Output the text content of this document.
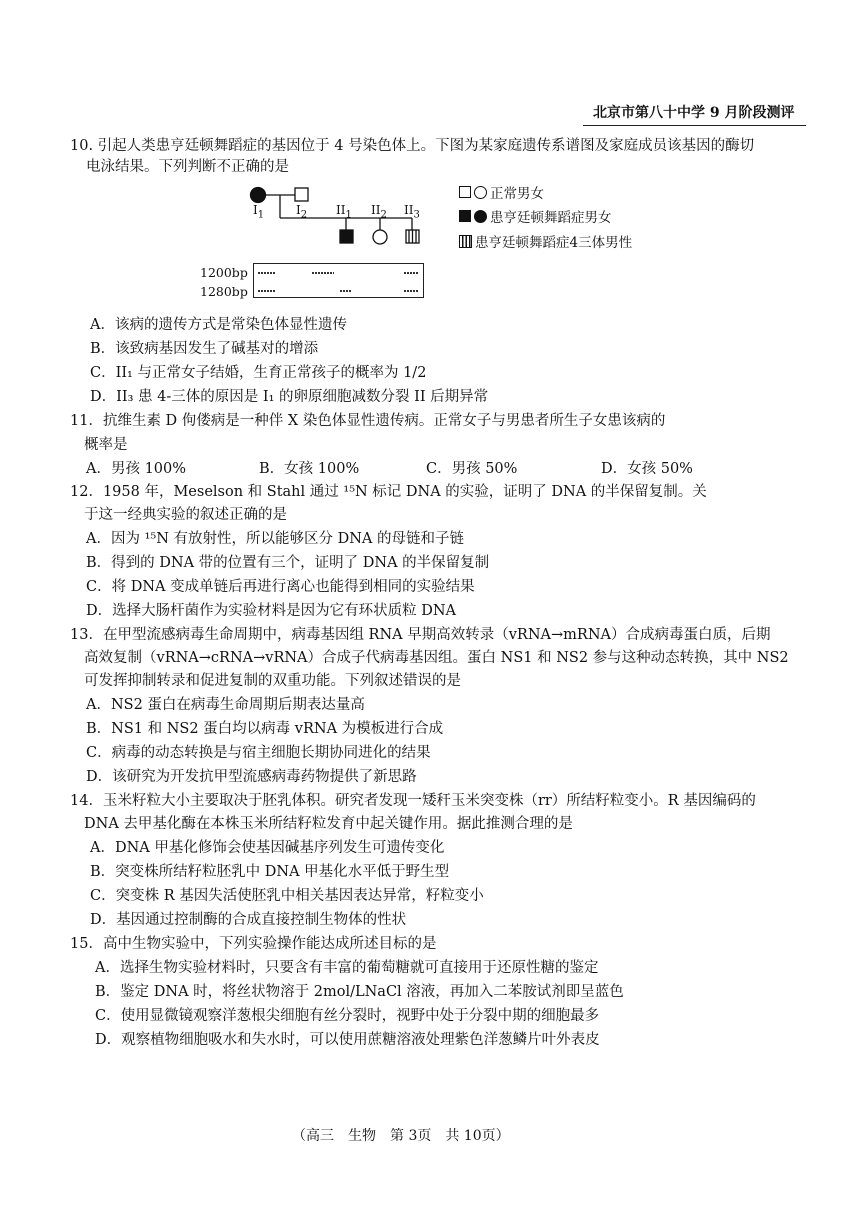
北京市第八十中学 9 月阶段测评
10. 引起人类患亨廷顿舞蹈症的基因位于 4 号染色体上。下图为某家庭遗传系谱图及家庭成员该基因的酶切
电泳结果。下列判断不正确的是
$I_1$	$I_2$ $II_1$ $II_2$ $II_3$
正常男女
患亨廷顿舞蹈症男女
患亨廷顿舞蹈症4三体男性
1200bp
1280bp
A．该病的遗传方式是常染色体显性遗传
B．该致病基因发生了碱基对的增添
C．II₁ 与正常女子结婚，生育正常孩子的概率为 1/2
D．II₃ 患 4-三体的原因是 I₁ 的卵原细胞减数分裂 II 后期异常
11．抗维生素 D 佝偻病是一种伴 X 染色体显性遗传病。正常女子与男患者所生子女患该病的
概率是
A．男孩 100%	B．女孩 100%	C．男孩 50%	D．女孩 50%
12．1958 年，Meselson 和 Stahl 通过 ¹⁵N 标记 DNA 的实验，证明了 DNA 的半保留复制。关
于这一经典实验的叙述正确的是
A．因为 ¹⁵N 有放射性，所以能够区分 DNA 的母链和子链
B．得到的 DNA 带的位置有三个，证明了 DNA 的半保留复制
C．将 DNA 变成单链后再进行离心也能得到相同的实验结果
D．选择大肠杆菌作为实验材料是因为它有环状质粒 DNA
13．在甲型流感病毒生命周期中，病毒基因组 RNA 早期高效转录（vRNA→mRNA）合成病毒蛋白质，后期
高效复制（vRNA→cRNA→vRNA）合成子代病毒基因组。蛋白 NS1 和 NS2 参与这种动态转换，其中 NS2
可发挥抑制转录和促进复制的双重功能。下列叙述错误的是
A．NS2 蛋白在病毒生命周期后期表达量高
B．NS1 和 NS2 蛋白均以病毒 vRNA 为模板进行合成
C．病毒的动态转换是与宿主细胞长期协同进化的结果
D．该研究为开发抗甲型流感病毒药物提供了新思路
14．玉米籽粒大小主要取决于胚乳体积。研究者发现一矮秆玉米突变株（rr）所结籽粒变小。R 基因编码的
DNA 去甲基化酶在本株玉米所结籽粒发育中起关键作用。据此推测合理的是
A．DNA 甲基化修饰会使基因碱基序列发生可遗传变化
B．突变株所结籽粒胚乳中 DNA 甲基化水平低于野生型
C．突变株 R 基因失活使胚乳中相关基因表达异常，籽粒变小
D．基因通过控制酶的合成直接控制生物体的性状
15．高中生物实验中，下列实验操作能达成所述目标的是
A．选择生物实验材料时，只要含有丰富的葡萄糖就可直接用于还原性糖的鉴定
B．鉴定 DNA 时，将丝状物溶于 2mol/LNaCl 溶液，再加入二苯胺试剂即呈蓝色
C．使用显微镜观察洋葱根尖细胞有丝分裂时，视野中处于分裂中期的细胞最多
D．观察植物细胞吸水和失水时，可以使用蔗糖溶液处理紫色洋葱鳞片叶外表皮
（高三　生物　第 3页　共 10页）
